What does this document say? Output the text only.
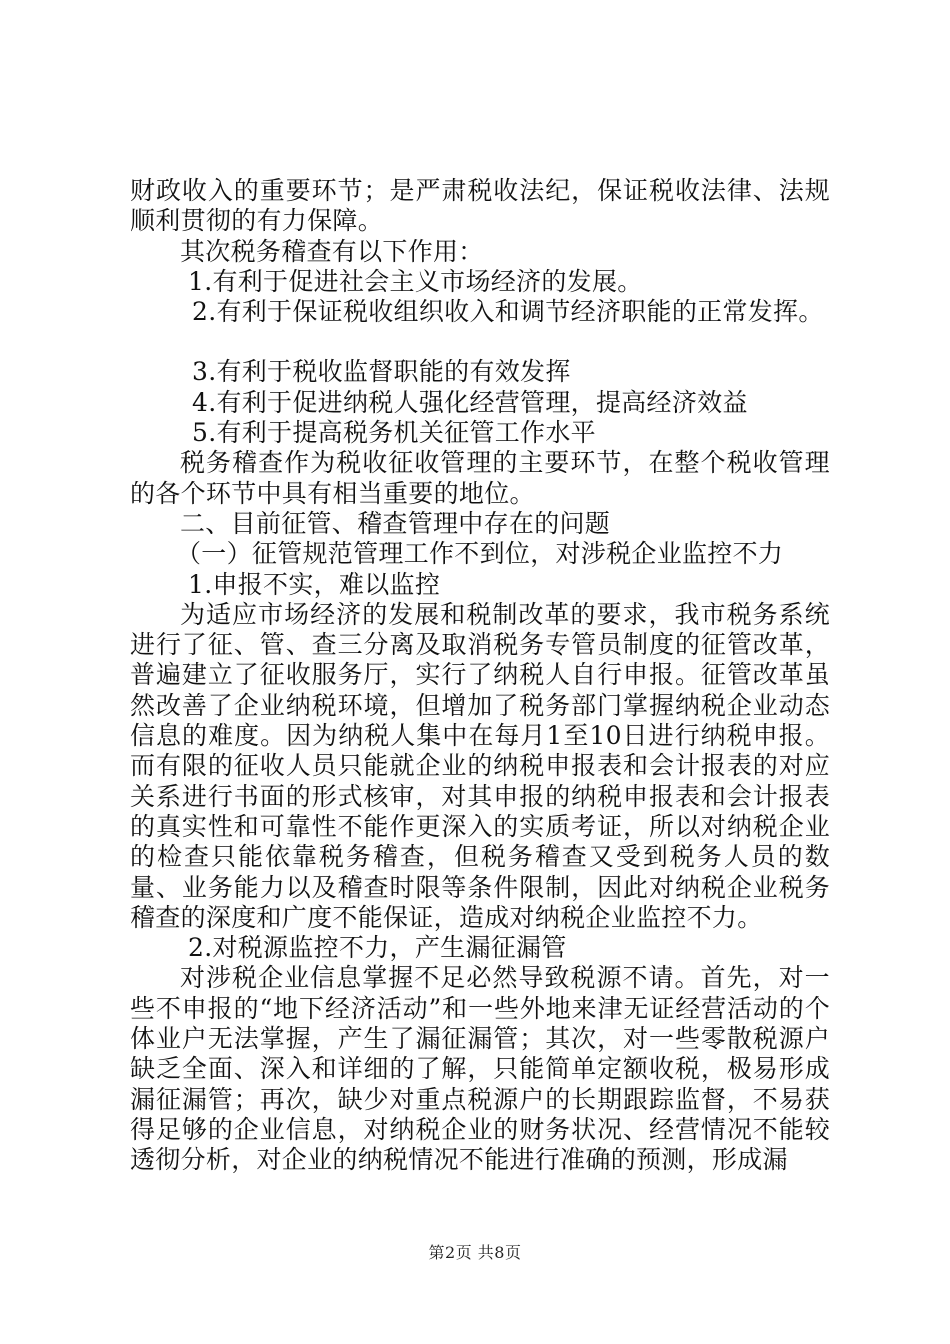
财政收入的重要环节；是严肃税收法纪，保证税收法律、法规顺利贯彻的有力保障。

其次税务稽查有以下作用：

1.有利于促进社会主义市场经济的发展。

2.有利于保证税收组织收入和调节经济职能的正常发挥。

3.有利于税收监督职能的有效发挥

4.有利于促进纳税人强化经营管理，提高经济效益

5.有利于提高税务机关征管工作水平

税务稽查作为税收征收管理的主要环节，在整个税收管理的各个环节中具有相当重要的地位。

二、目前征管、稽查管理中存在的问题

（一）征管规范管理工作不到位，对涉税企业监控不力

1.申报不实，难以监控

为适应市场经济的发展和税制改革的要求，我市税务系统进行了征、管、查三分离及取消税务专管员制度的征管改革，普遍建立了征收服务厅，实行了纳税人自行申报。征管改革虽然改善了企业纳税环境，但增加了税务部门掌握纳税企业动态信息的难度。因为纳税人集中在每月1至10日进行纳税申报。而有限的征收人员只能就企业的纳税申报表和会计报表的对应关系进行书面的形式核审，对其申报的纳税申报表和会计报表的真实性和可靠性不能作更深入的实质考证，所以对纳税企业的检查只能依靠税务稽查，但税务稽查又受到税务人员的数量、业务能力以及稽查时限等条件限制，因此对纳税企业税务稽查的深度和广度不能保证，造成对纳税企业监控不力。

2.对税源监控不力，产生漏征漏管

对涉税企业信息掌握不足必然导致税源不请。首先，对一些不申报的“地下经济活动”和一些外地来津无证经营活动的个体业户无法掌握，产生了漏征漏管；其次，对一些零散税源户缺乏全面、深入和详细的了解，只能简单定额收税，极易形成漏征漏管；再次，缺少对重点税源户的长期跟踪监督，不易获得足够的企业信息，对纳税企业的财务状况、经营情况不能较透彻分析，对企业的纳税情况不能进行准确的预测，形成漏

第2页 共8页
